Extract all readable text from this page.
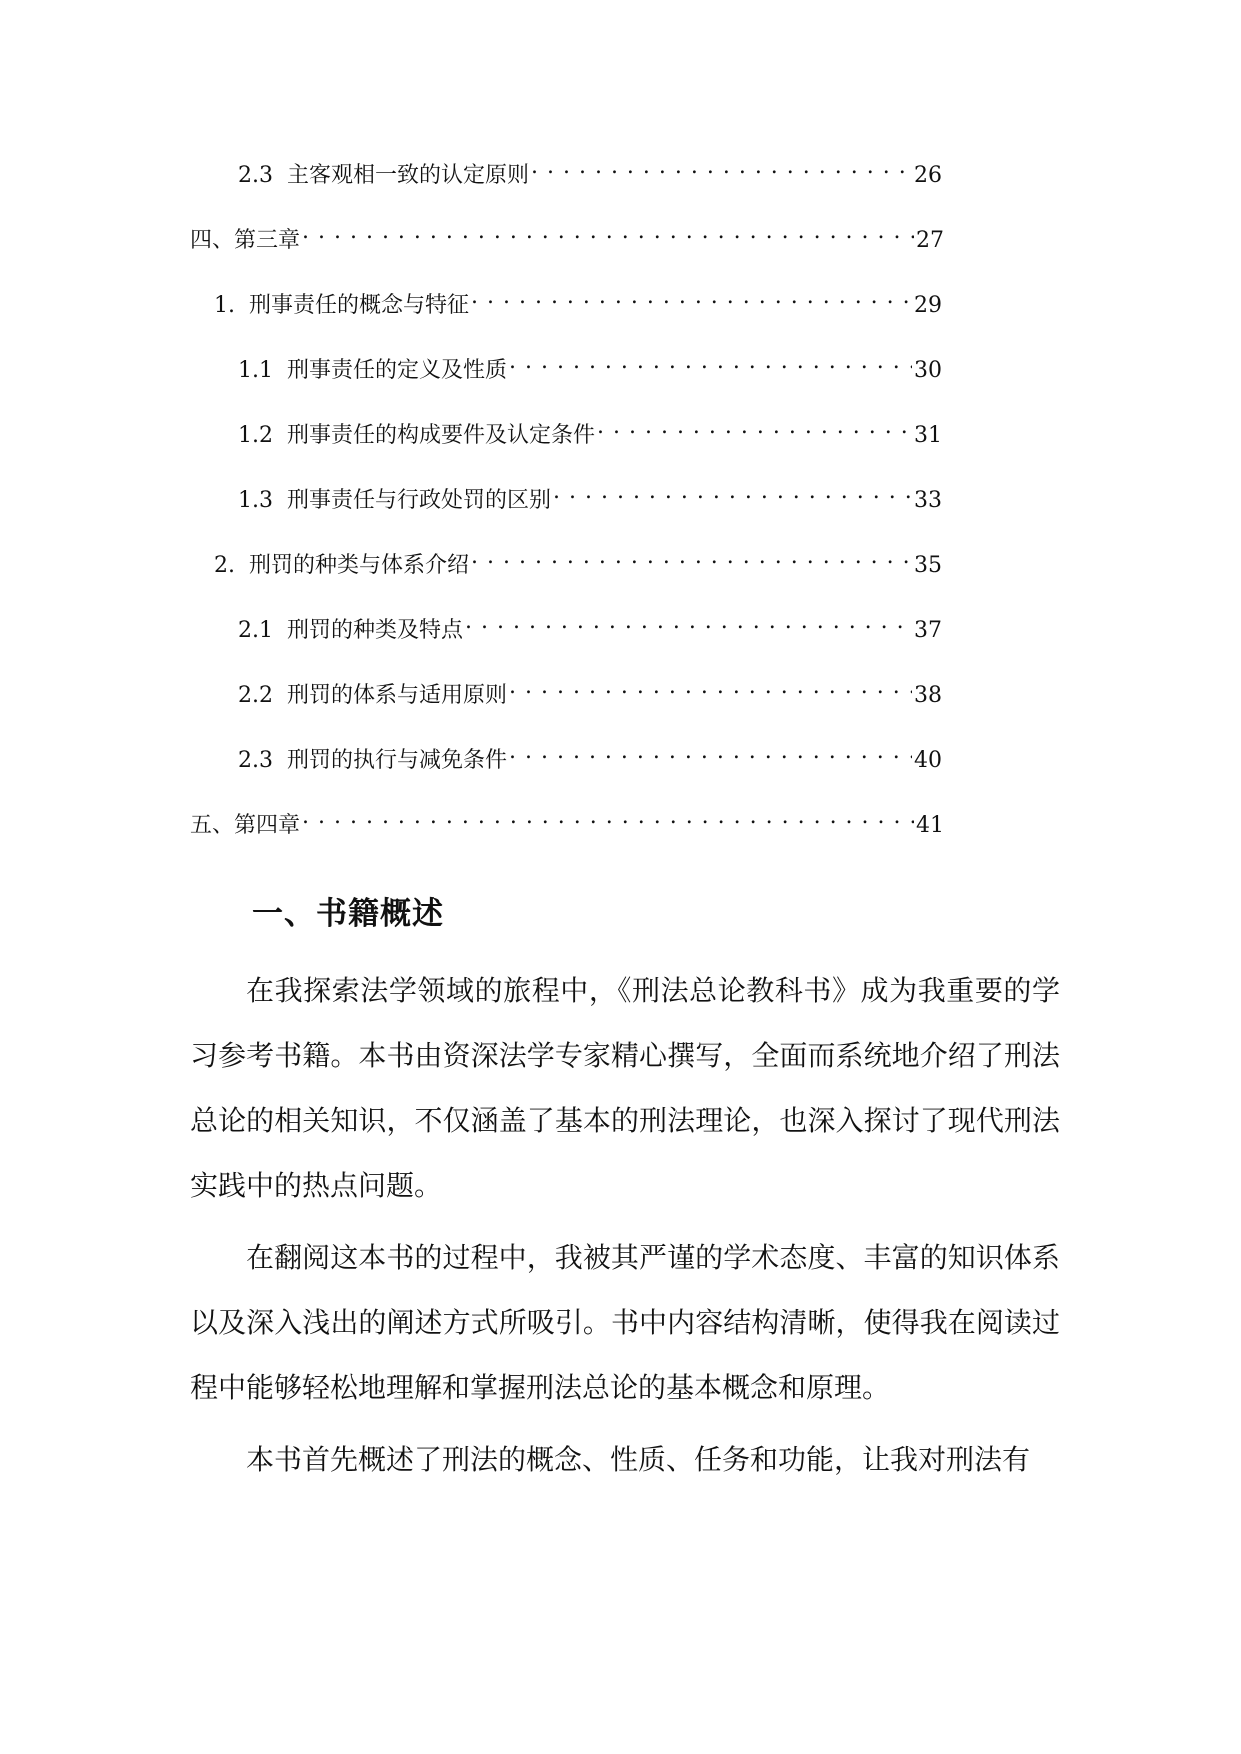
2.3 主客观相一致的认定原则 . . .	26
四、第三章 . . .	27
1. 刑事责任的概念与特征 . . .	29
1.1 刑事责任的定义及性质 . . .	30
1.2 刑事责任的构成要件及认定条件 . . .	31
1.3 刑事责任与行政处罚的区别 . . .	33
2. 刑罚的种类与体系介绍 . . .	35
2.1 刑罚的种类及特点 . . .	37
2.2 刑罚的体系与适用原则 . . .	38
2.3 刑罚的执行与减免条件 . . .	40
五、第四章 . . .	41
一、书籍概述

在我探索法学领域的旅程中，《刑法总论教科书》成为我重要的学习参考书籍。本书由资深法学专家精心撰写，全面而系统地介绍了刑法总论的相关知识，不仅涵盖了基本的刑法理论，也深入探讨了现代刑法实践中的热点问题。

在翻阅这本书的过程中，我被其严谨的学术态度、丰富的知识体系以及深入浅出的阐述方式所吸引。书中内容结构清晰，使得我在阅读过程中能够轻松地理解和掌握刑法总论的基本概念和原理。

本书首先概述了刑法的概念、性质、任务和功能，让我对刑法有
